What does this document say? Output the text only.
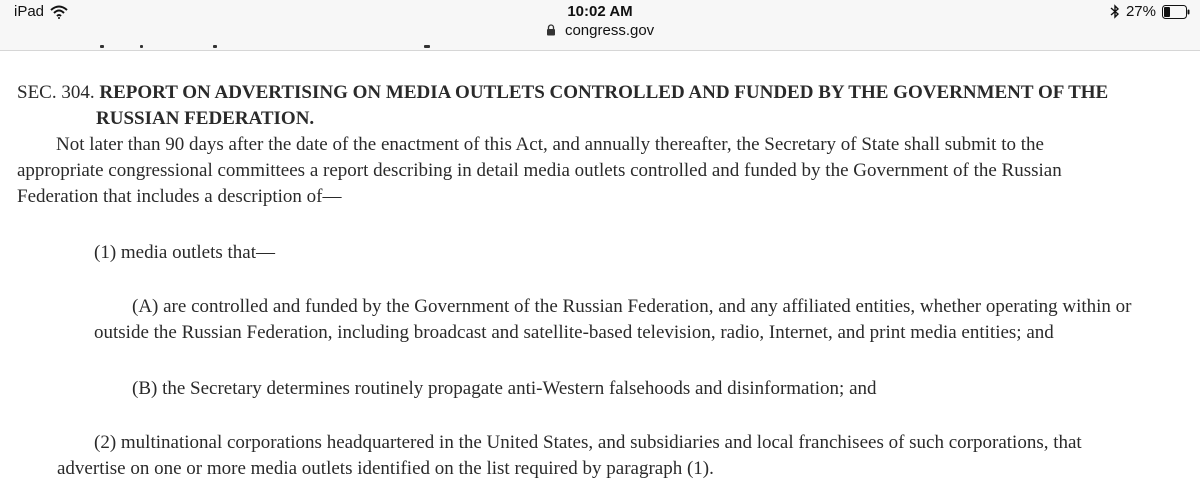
iPad	10:02 AM	27%
congress.gov

SEC. 304. REPORT ON ADVERTISING ON MEDIA OUTLETS CONTROLLED AND FUNDED BY THE GOVERNMENT OF THE

RUSSIAN FEDERATION.

Not later than 90 days after the date of the enactment of this Act, and annually thereafter, the Secretary of State shall submit to the appropriate congressional committees a report describing in detail media outlets controlled and funded by the Government of the Russian Federation that includes a description of—

(1) media outlets that—

(A) are controlled and funded by the Government of the Russian Federation, and any affiliated entities, whether operating within or outside the Russian Federation, including broadcast and satellite-based television, radio, Internet, and print media entities; and

(B) the Secretary determines routinely propagate anti-Western falsehoods and disinformation; and

(2) multinational corporations headquartered in the United States, and subsidiaries and local franchisees of such corporations, that advertise on one or more media outlets identified on the list required by paragraph (1).
